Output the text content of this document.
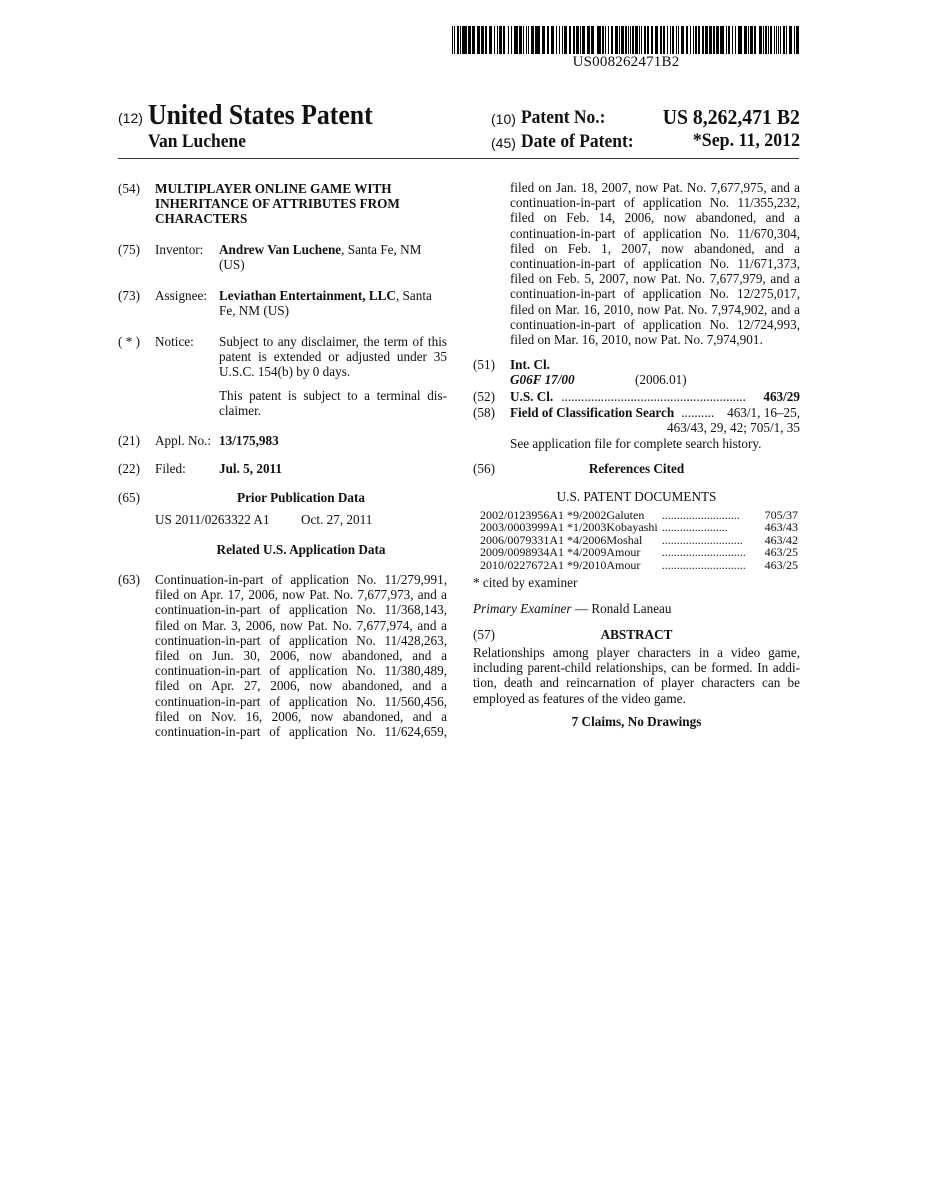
US008262471B2
(12) United States Patent
Van Luchene
(10) Patent No.:	US 8,262,471 B2
(45) Date of Patent:	*Sep. 11, 2012
(54) MULTIPLAYER ONLINE GAME WITH
INHERITANCE OF ATTRIBUTES FROM
CHARACTERS
(75) Inventor: Andrew Van Luchene, Santa Fe, NM
(US)
(73) Assignee: Leviathan Entertainment, LLC, Santa
Fe, NM (US)
( * ) Notice: Subject to any disclaimer, the term of this
patent is extended or adjusted under 35
U.S.C. 154(b) by 0 days.
This patent is subject to a terminal dis-
claimer.
(21) Appl. No.: 13/175,983
(22) Filed:	Jul. 5, 2011
(65)	Prior Publication Data
US 2011/0263322 A1 Oct. 27, 2011
Related U.S. Application Data
(63) Continuation-in-part of application No. 11/279,991,
filed on Apr. 17, 2006, now Pat. No. 7,677,973, and a
continuation-in-part of application No. 11/368,143,
filed on Mar. 3, 2006, now Pat. No. 7,677,974, and a
continuation-in-part of application No. 11/428,263,
filed on Jun. 30, 2006, now abandoned, and a
continuation-in-part of application No. 11/380,489,
filed on Apr. 27, 2006, now abandoned, and a
continuation-in-part of application No. 11/560,456,
filed on Nov. 16, 2006, now abandoned, and a
continuation-in-part of application No. 11/624,659,
filed on Jan. 18, 2007, now Pat. No. 7,677,975, and a
continuation-in-part of application No. 11/355,232,
filed on Feb. 14, 2006, now abandoned, and a
continuation-in-part of application No. 11/670,304,
filed on Feb. 1, 2007, now abandoned, and a
continuation-in-part of application No. 11/671,373,
filed on Feb. 5, 2007, now Pat. No. 7,677,979, and a
continuation-in-part of application No. 12/275,017,
filed on Mar. 16, 2010, now Pat. No. 7,974,902, and a
continuation-in-part of application No. 12/724,993,
filed on Mar. 16, 2010, now Pat. No. 7,974,901.
(51) Int. Cl.
G06F 17/00	(2006.01)
(52) U.S. Cl. ........................................................	463/29
(58) Field of Classification Search .......... 463/1, 16–25,
463/43, 29, 42; 705/1, 35
See application file for complete search history.
(56)	References Cited
U.S. PATENT DOCUMENTS
2002/0123956	A1 *	9/2002	Galuten	..........................	705/37
2003/0003999	A1 *	1/2003	Kobayashi	......................	463/43
2006/0079331	A1 *	4/2006	Moshal	...........................	463/42
2009/0098934	A1 *	4/2009	Amour	............................	463/25
2010/0227672	A1 *	9/2010	Amour	............................	463/25
* cited by examiner
Primary Examiner — Ronald Laneau
(57)	ABSTRACT
Relationships among player characters in a video game,
including parent-child relationships, can be formed. In addi-
tion, death and reincarnation of player characters can be
employed as features of the video game.
7 Claims, No Drawings
